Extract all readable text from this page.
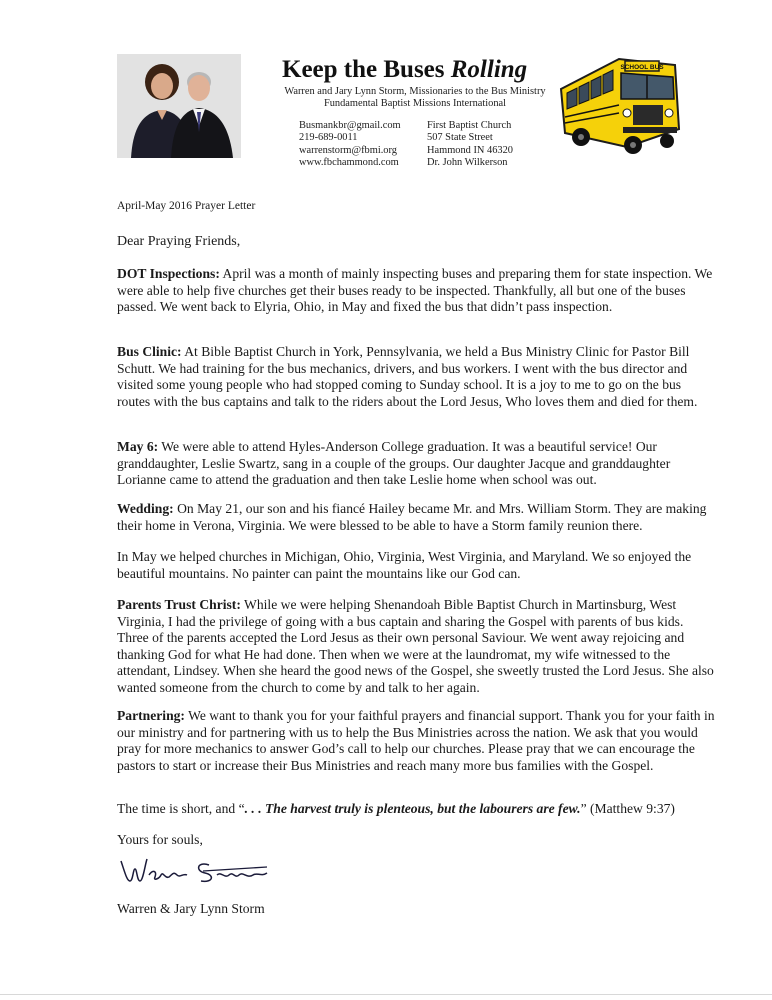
Keep the Buses Rolling
Warren and Jary Lynn Storm, Missionaries to the Bus Ministry
Fundamental Baptist Missions International
Busmankbr@gmail.com
219-689-0011
warrenstorm@fbmi.org
www.fbchammond.com
First Baptist Church
507 State Street
Hammond IN 46320
Dr. John Wilkerson
SCHOOL BUS
April-May 2016 Prayer Letter
Dear Praying Friends,

DOT Inspections: April was a month of mainly inspecting buses and preparing them for state inspection. We were able to help five churches get their buses ready to be inspected. Thankfully, all but one of the buses passed. We went back to Elyria, Ohio, in May and fixed the bus that didn’t pass inspection.

Bus Clinic: At Bible Baptist Church in York, Pennsylvania, we held a Bus Ministry Clinic for Pastor Bill Schutt. We had training for the bus mechanics, drivers, and bus workers. I went with the bus director and visited some young people who had stopped coming to Sunday school. It is a joy to me to go on the bus routes with the bus captains and talk to the riders about the Lord Jesus, Who loves them and died for them.

May 6: We were able to attend Hyles-Anderson College graduation. It was a beautiful service! Our granddaughter, Leslie Swartz, sang in a couple of the groups. Our daughter Jacque and granddaughter Lorianne came to attend the graduation and then take Leslie home when school was out.

Wedding: On May 21, our son and his fiancé Hailey became Mr. and Mrs. William Storm. They are making their home in Verona, Virginia. We were blessed to be able to have a Storm family reunion there.

In May we helped churches in Michigan, Ohio, Virginia, West Virginia, and Maryland. We so enjoyed the beautiful mountains. No painter can paint the mountains like our God can.

Parents Trust Christ: While we were helping Shenandoah Bible Baptist Church in Martinsburg, West Virginia, I had the privilege of going with a bus captain and sharing the Gospel with parents of bus kids. Three of the parents accepted the Lord Jesus as their own personal Saviour. We went away rejoicing and thanking God for what He had done. Then when we were at the laundromat, my wife witnessed to the attendant, Lindsey. When she heard the good news of the Gospel, she sweetly trusted the Lord Jesus. She also wanted someone from the church to come by and talk to her again.

Partnering: We want to thank you for your faithful prayers and financial support. Thank you for your faith in our ministry and for partnering with us to help the Bus Ministries across the nation. We ask that you would pray for more mechanics to answer God’s call to help our churches. Please pray that we can encourage the pastors to start or increase their Bus Ministries and reach many more bus families with the Gospel.

The time is short, and “. . . The harvest truly is plenteous, but the labourers are few.” (Matthew 9:37)

Yours for souls,
Warren & Jary Lynn Storm
